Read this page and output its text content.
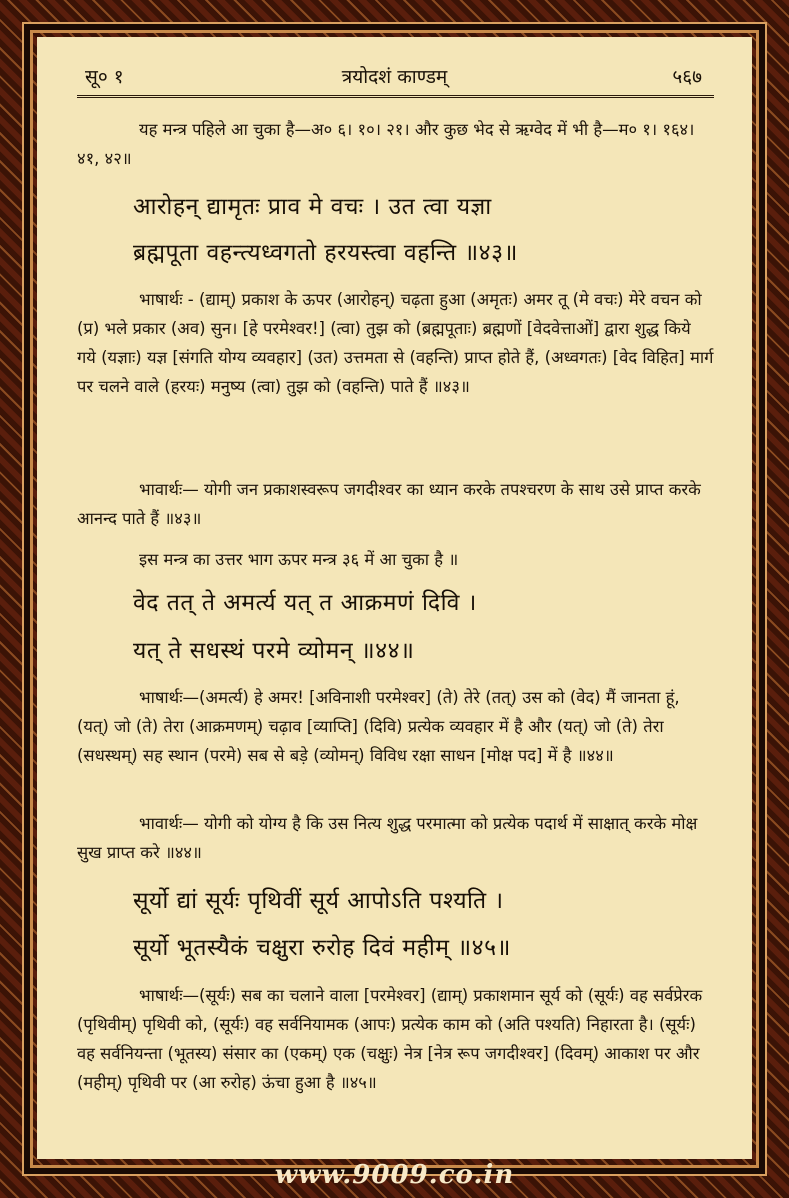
सू० १	त्रयोदशं काण्डम्	५६७
यह मन्त्र पहिले आ चुका है—अ० ६। १०। २१। और कुछ भेद से ऋग्वेद में भी है—म० १। १६४। ४१, ४२॥
आरोहन् द्यामृतः प्राव मे वचः । उत त्वा यज्ञा
ब्रह्मपूता वहन्त्यध्वगतो हरयस्त्वा वहन्ति ॥४३॥
भाषार्थः - (द्याम्) प्रकाश के ऊपर (आरोहन्) चढ़ता हुआ (अमृतः) अमर तू (मे वचः) मेरे वचन को (प्र) भले प्रकार (अव) सुन। [हे परमेश्वर!] (त्वा) तुझ को (ब्रह्मपूताः) ब्रह्मणों [वेदवेत्ताओं] द्वारा शुद्ध किये गये (यज्ञाः) यज्ञ [संगति योग्य व्यवहार] (उत) उत्तमता से (वहन्ति) प्राप्त होते हैं, (अध्वगतः) [वेद विहित] मार्ग पर चलने वाले (हरयः) मनुष्य (त्वा) तुझ को (वहन्ति) पाते हैं ॥४३॥
भावार्थः— योगी जन प्रकाशस्वरूप जगदीश्वर का ध्यान करके तपश्चरण के साथ उसे प्राप्त करके आनन्द पाते हैं ॥४३॥
इस मन्त्र का उत्तर भाग ऊपर मन्त्र ३६ में आ चुका है ॥
वेद तत् ते अमर्त्य यत् त आक्रमणं दिवि ।
यत् ते सधस्थं परमे व्योमन् ॥४४॥
भाषार्थः—(अमर्त्य) हे अमर! [अविनाशी परमेश्वर] (ते) तेरे (तत्) उस को (वेद) मैं जानता हूं, (यत्) जो (ते) तेरा (आक्रमणम्) चढ़ाव [व्याप्ति] (दिवि) प्रत्येक व्यवहार में है और (यत्) जो (ते) तेरा (सधस्थम्) सह स्थान (परमे) सब से बड़े (व्योमन्) विविध रक्षा साधन [मोक्ष पद] में है ॥४४॥
भावार्थः— योगी को योग्य है कि उस नित्य शुद्ध परमात्मा को प्रत्येक पदार्थ में साक्षात् करके मोक्ष सुख प्राप्त करे ॥४४॥
सूर्यो द्यां सूर्यः पृथिवीं सूर्य आपोऽति पश्यति ।
सूर्यो भूतस्यैकं चक्षुरा रुरोह दिवं महीम् ॥४५॥
भाषार्थः—(सूर्यः) सब का चलाने वाला [परमेश्वर] (द्याम्) प्रकाशमान सूर्य को (सूर्यः) वह सर्वप्रेरक (पृथिवीम्) पृथिवी को, (सूर्यः) वह सर्वनियामक (आपः) प्रत्येक काम को (अति पश्यति) निहारता है। (सूर्यः) वह सर्वनियन्ता (भूतस्य) संसार का (एकम्) एक (चक्षुः) नेत्र [नेत्र रूप जगदीश्वर] (दिवम्) आकाश पर और (महीम्) पृथिवी पर (आ रुरोह) ऊंचा हुआ है ॥४५॥
www.9009.co.in
